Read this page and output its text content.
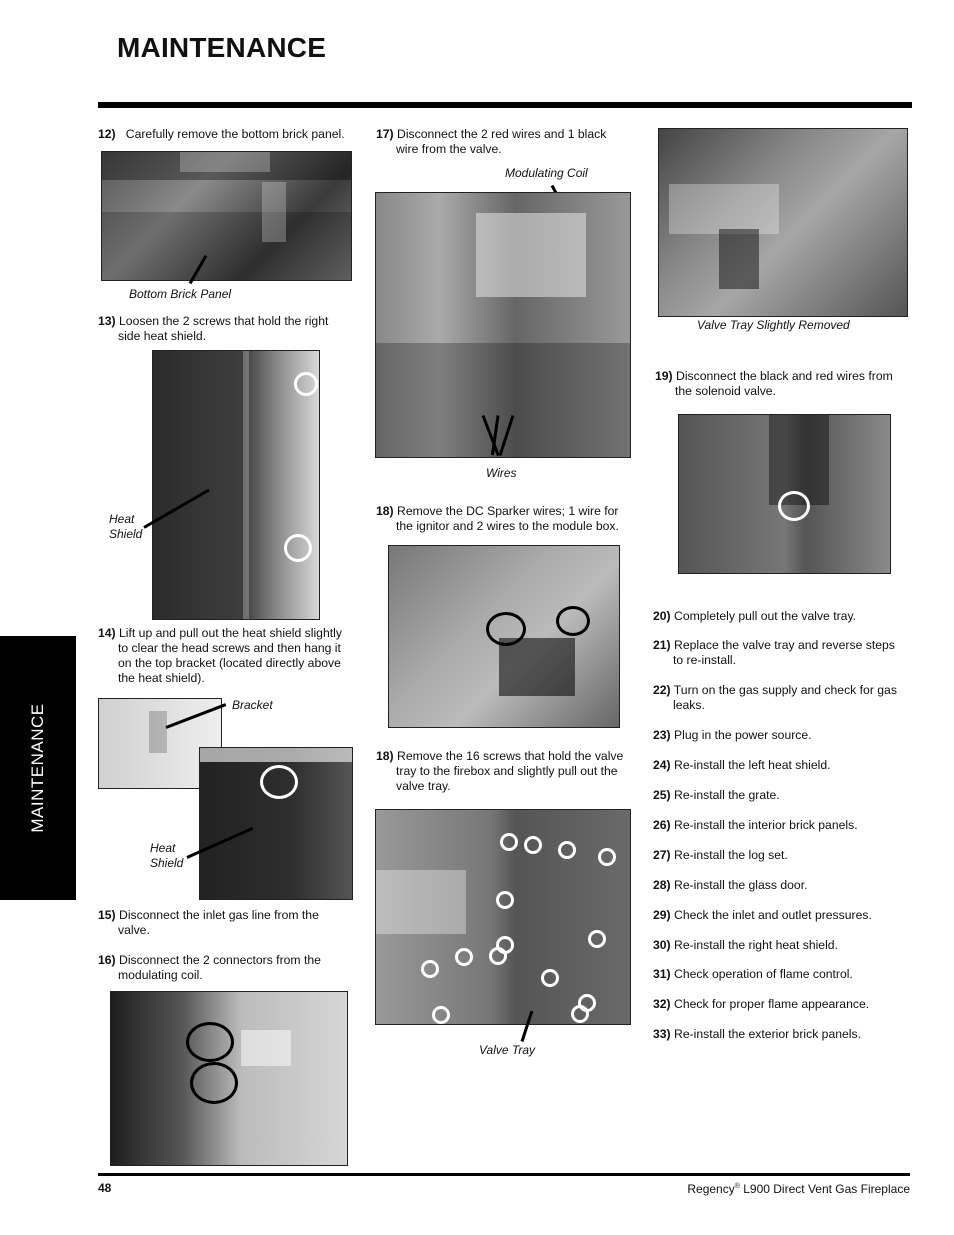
MAINTENANCE
MAINTENANCE
12) Carefully remove the bottom brick panel.
Bottom Brick Panel
13) Loosen the 2 screws that hold the right
side heat shield.
Heat
Shield
14) Lift up and pull out the heat shield slightly
to clear the head screws and then hang it
on the top bracket (located directly above
the heat shield).
Bracket
Heat
Shield
15) Disconnect the inlet gas line from the
valve.
16) Disconnect the 2 connectors from the
modulating coil.
17) Disconnect the 2 red wires and 1 black
wire from the valve.
Modulating Coil
Wires
18) Remove the DC Sparker wires; 1 wire for
the ignitor and 2 wires to the module box.
18) Remove the 16 screws that hold the valve
tray to the firebox and slightly pull out the
valve tray.
Valve Tray
Valve Tray Slightly Removed
19) Disconnect the black and red wires from
the solenoid valve.
20) Completely pull out the valve tray.
21) Replace the valve tray and reverse steps
to re-install.
22) Turn on the gas supply and check for gas
leaks.
23) Plug in the power source.
24) Re-install the left heat shield.
25) Re-install the grate.
26) Re-install the interior brick panels.
27) Re-install the log set.
28) Re-install the glass door.
29) Check the inlet and outlet pressures.
30) Re-install the right heat shield.
31) Check operation of flame control.
32) Check for proper flame appearance.
33) Re-install the exterior brick panels.
48	Regency® L900 Direct Vent Gas Fireplace
